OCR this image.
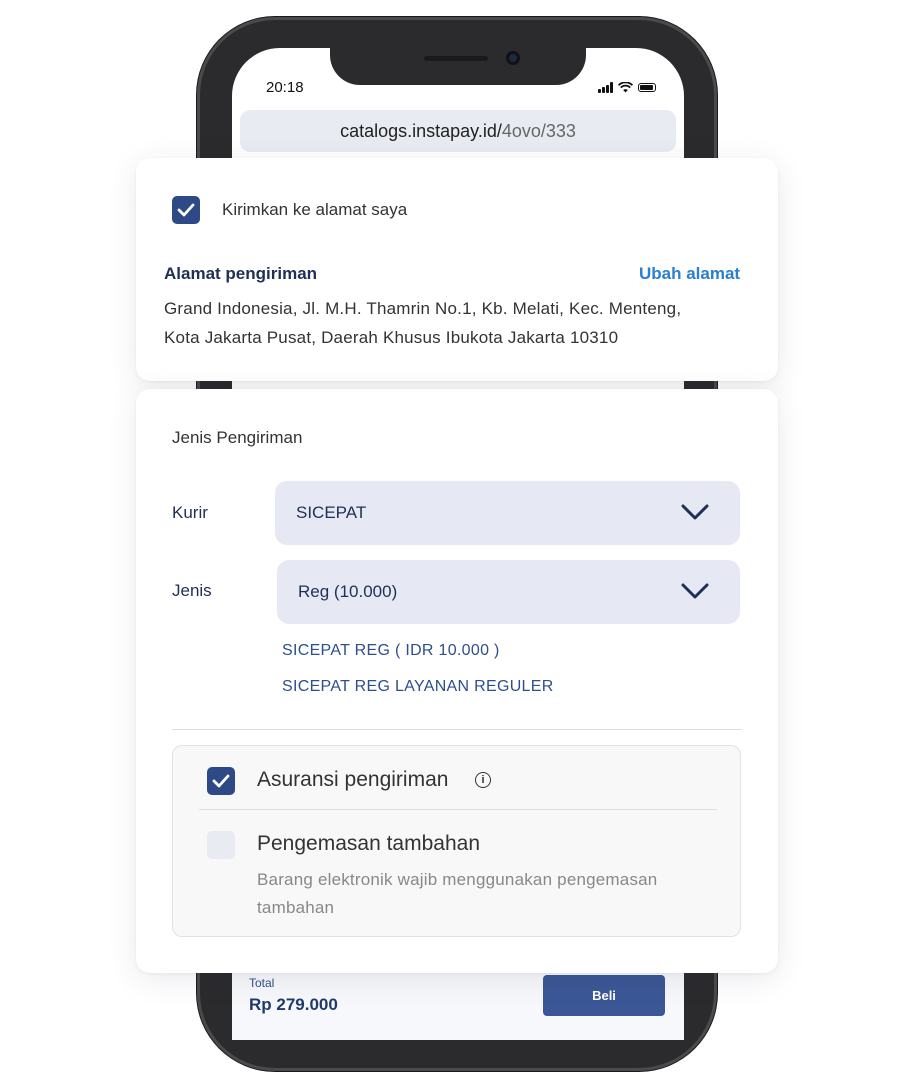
20:18
catalogs.instapay.id/ 4ovo/333
Total
Rp 279.000	Beli
Kirimkan ke alamat saya
Alamat pengiriman	Ubah alamat
Grand Indonesia, Jl. M.H. Thamrin No.1, Kb. Melati, Kec. Menteng,
Kota Jakarta Pusat, Daerah Khusus Ibukota Jakarta 10310
Jenis Pengiriman
Kurir	SICEPAT
Jenis	Reg (10.000)
SICEPAT REG ( IDR 10.000 )
SICEPAT REG LAYANAN REGULER
Asuransi pengiriman	i
Pengemasan tambahan
Barang elektronik wajib menggunakan pengemasan
tambahan
